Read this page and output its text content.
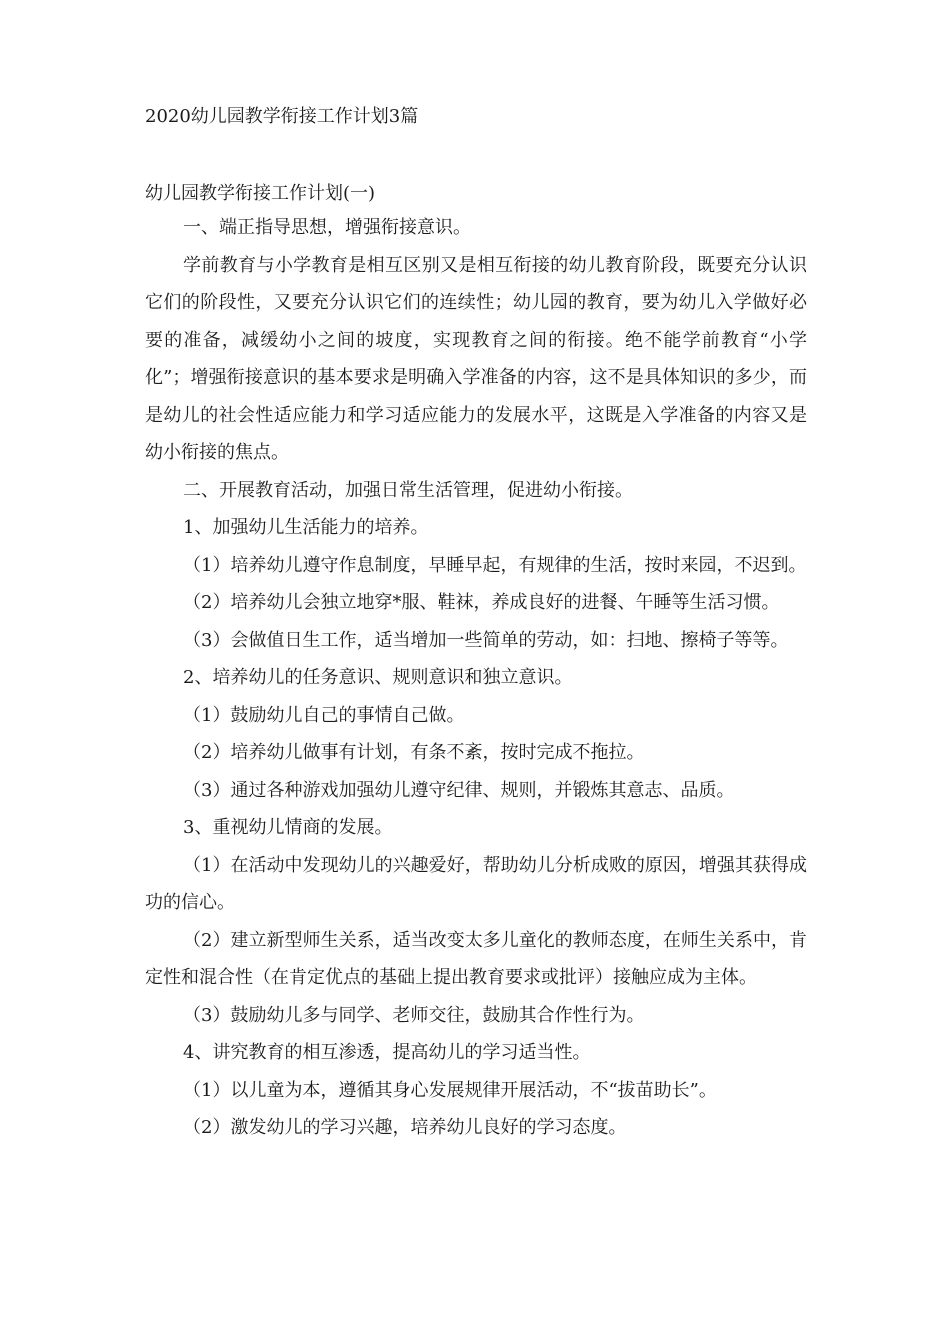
2020幼儿园教学衔接工作计划3篇
幼儿园教学衔接工作计划(一)

一、端正指导思想，增强衔接意识。

学前教育与小学教育是相互区别又是相互衔接的幼儿教育阶段，既要充分认识它们的阶段性，又要充分认识它们的连续性；幼儿园的教育，要为幼儿入学做好必要的准备，减缓幼小之间的坡度，实现教育之间的衔接。绝不能学前教育“小学化”；增强衔接意识的基本要求是明确入学准备的内容，这不是具体知识的多少，而是幼儿的社会性适应能力和学习适应能力的发展水平，这既是入学准备的内容又是幼小衔接的焦点。

二、开展教育活动，加强日常生活管理，促进幼小衔接。

1、加强幼儿生活能力的培养。

（1）培养幼儿遵守作息制度，早睡早起，有规律的生活，按时来园，不迟到。

（2）培养幼儿会独立地穿*服、鞋袜，养成良好的进餐、午睡等生活习惯。

（3）会做值日生工作，适当增加一些简单的劳动，如：扫地、擦椅子等等。

2、培养幼儿的任务意识、规则意识和独立意识。

（1）鼓励幼儿自己的事情自己做。

（2）培养幼儿做事有计划，有条不紊，按时完成不拖拉。

（3）通过各种游戏加强幼儿遵守纪律、规则，并锻炼其意志、品质。

3、重视幼儿情商的发展。

（1）在活动中发现幼儿的兴趣爱好，帮助幼儿分析成败的原因，增强其获得成功的信心。

（2）建立新型师生关系，适当改变太多儿童化的教师态度，在师生关系中，肯定性和混合性（在肯定优点的基础上提出教育要求或批评）接触应成为主体。

（3）鼓励幼儿多与同学、老师交往，鼓励其合作性行为。

4、讲究教育的相互渗透，提高幼儿的学习适当性。

（1）以儿童为本，遵循其身心发展规律开展活动，不“拔苗助长”。

（2）激发幼儿的学习兴趣，培养幼儿良好的学习态度。
